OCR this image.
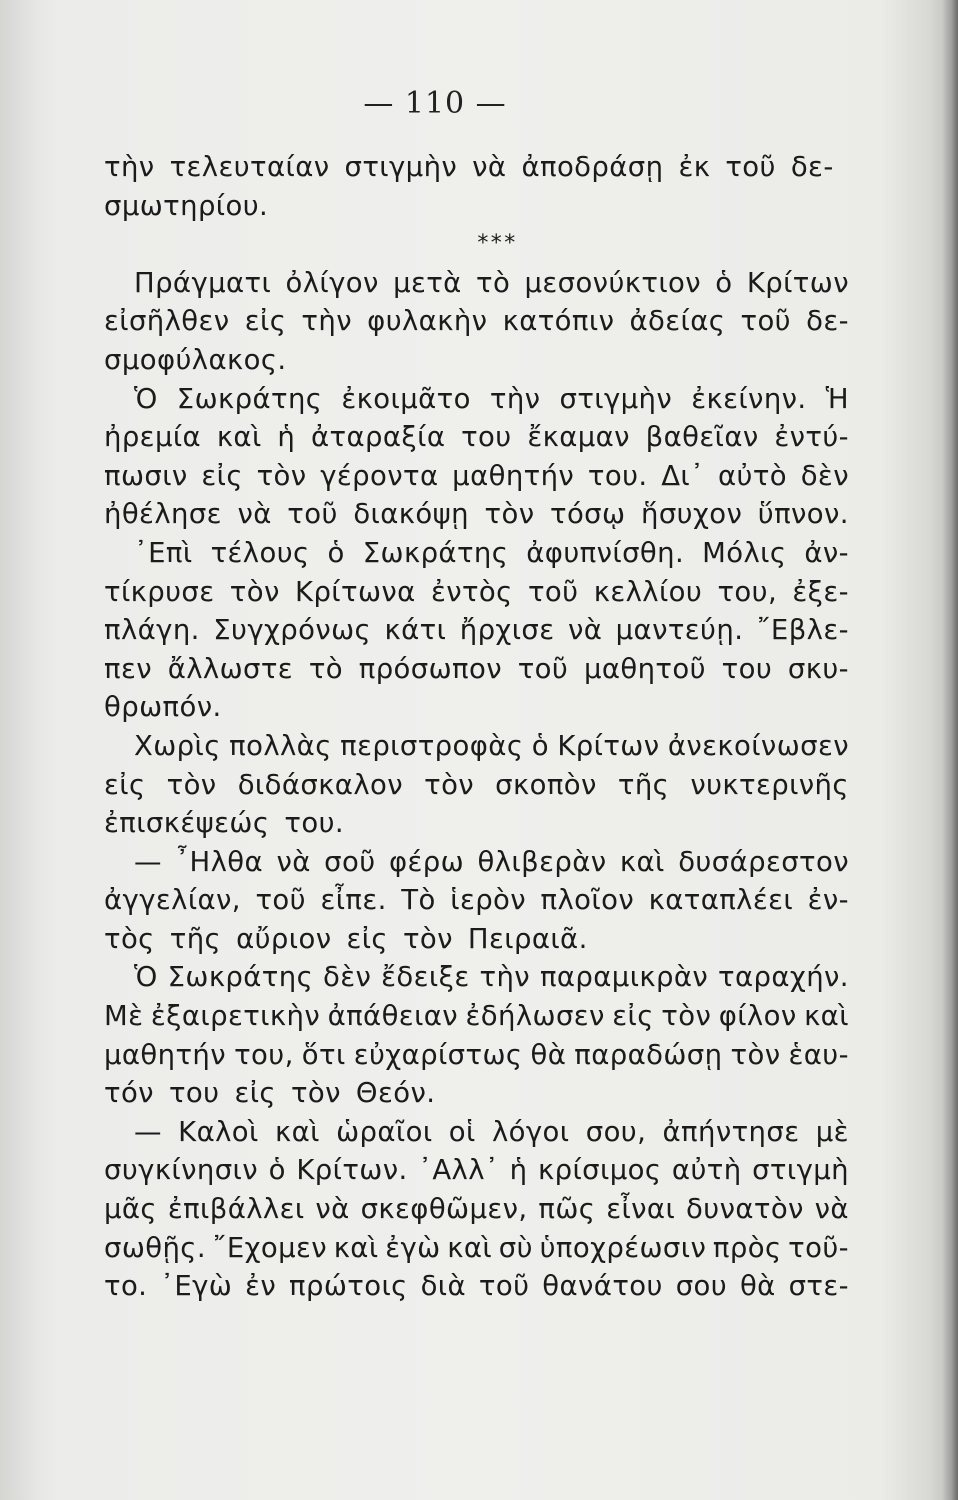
— 110 —
τὴν τελευταίαν στιγμὴν νὰ ἀποδράσῃ ἐκ τοῦ δε-
σμωτηρίου.
* * *
Πράγματι ὀλίγον μετὰ τὸ μεσονύκτιον ὁ Κρίτων
εἰσῆλθεν εἰς τὴν φυλακὴν κατόπιν ἀδείας τοῦ δε-
σμοφύλακος.
Ὁ Σωκράτης ἐκοιμᾶτο τὴν στιγμὴν ἐκείνην. Ἡ
ἠρεμία καὶ ἡ ἀταραξία του ἔκαμαν βαθεῖαν ἐντύ-
πωσιν εἰς τὸν γέροντα μαθητήν του. Δι᾿ αὐτὸ δὲν
ἠθέλησε νὰ τοῦ διακόψῃ τὸν τόσῳ ἥσυχον ὕπνον.
᾿Επὶ τέλους ὁ Σωκράτης ἀφυπνίσθη. Μόλις ἀν-
τίκρυσε τὸν Κρίτωνα ἐντὸς τοῦ κελλίου του, ἐξε-
πλάγη. Συγχρόνως κάτι ἤρχισε νὰ μαντεύῃ. ῎Εβλε-
πεν ἄλλωστε τὸ πρόσωπον τοῦ μαθητοῦ του σκυ-
θρωπόν.
Χωρὶς πολλὰς περιστροφὰς ὁ Κρίτων ἀνεκοίνωσεν
εἰς τὸν διδάσκαλον τὸν σκοπὸν τῆς νυκτερινῆς
ἐπισκέψεώς του.
— ῏Ηλθα νὰ σοῦ φέρω θλιβερὰν καὶ δυσάρεστον
ἀγγελίαν, τοῦ εἶπε. Τὸ ἱερὸν πλοῖον καταπλέει ἐν-
τὸς τῆς αὔριον εἰς τὸν Πειραιᾶ.
Ὁ Σωκράτης δὲν ἔδειξε τὴν παραμικρὰν ταραχήν.
Μὲ ἐξαιρετικὴν ἀπάθειαν ἐδήλωσεν εἰς τὸν φίλον καὶ
μαθητήν του, ὅτι εὐχαρίστως θὰ παραδώσῃ τὸν ἑαυ-
τόν του εἰς τὸν Θεόν.
— Καλοὶ καὶ ὡραῖοι οἱ λόγοι σου, ἀπήντησε μὲ
συγκίνησιν ὁ Κρίτων. ᾿Αλλ᾿ ἡ κρίσιμος αὐτὴ στιγμὴ
μᾶς ἐπιβάλλει νὰ σκεφθῶμεν, πῶς εἶναι δυνατὸν νὰ
σωθῇς. ῎Εχομεν καὶ ἐγὼ καὶ σὺ ὑποχρέωσιν πρὸς τοῦ-
το. ᾿Εγὼ ἐν πρώτοις διὰ τοῦ θανάτου σου θὰ στε-
